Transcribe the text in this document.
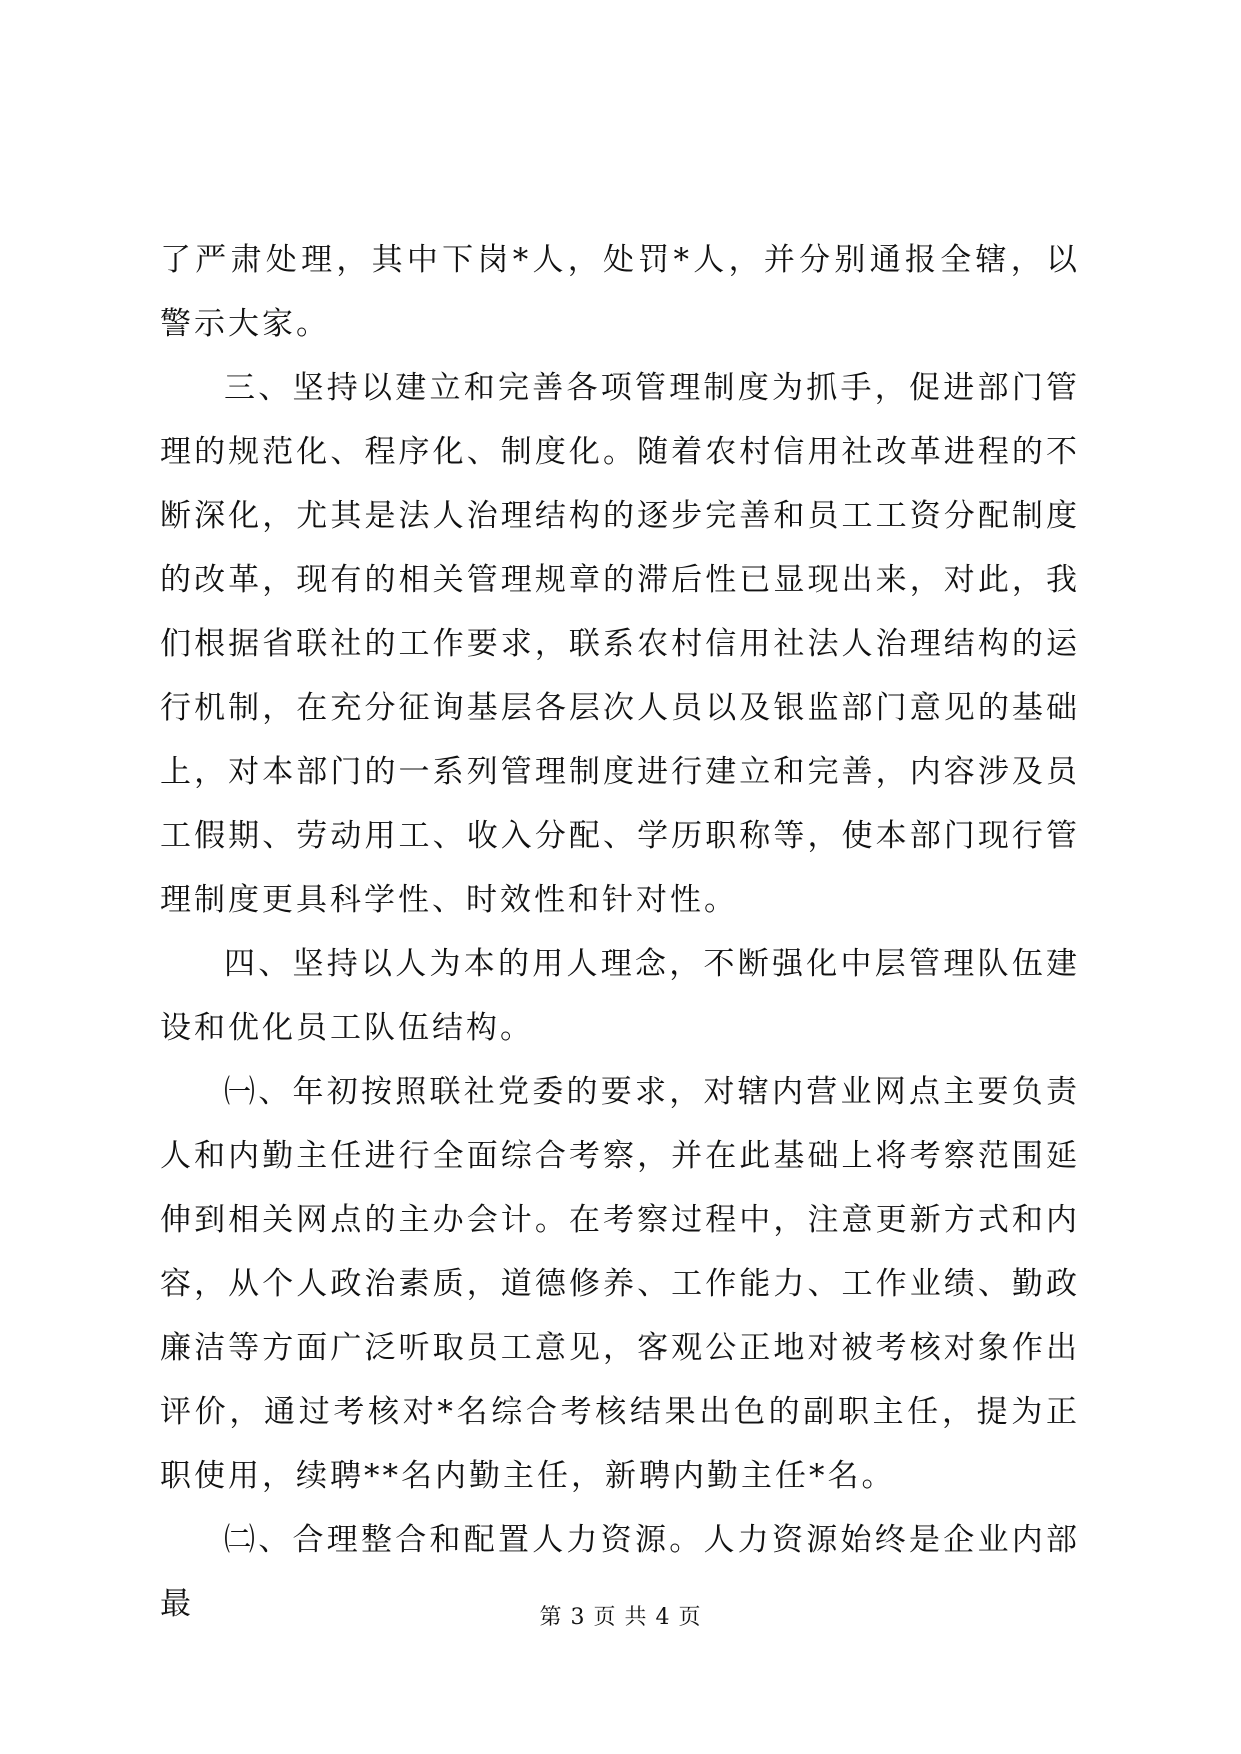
了严肃处理，其中下岗*人，处罚*人，并分别通报全辖，以警示大家。

三、坚持以建立和完善各项管理制度为抓手，促进部门管理的规范化、程序化、制度化。随着农村信用社改革进程的不断深化，尤其是法人治理结构的逐步完善和员工工资分配制度的改革，现有的相关管理规章的滞后性已显现出来，对此，我们根据省联社的工作要求，联系农村信用社法人治理结构的运行机制，在充分征询基层各层次人员以及银监部门意见的基础上，对本部门的一系列管理制度进行建立和完善，内容涉及员工假期、劳动用工、收入分配、学历职称等，使本部门现行管理制度更具科学性、时效性和针对性。

四、坚持以人为本的用人理念，不断强化中层管理队伍建设和优化员工队伍结构。

㈠、年初按照联社党委的要求，对辖内营业网点主要负责人和内勤主任进行全面综合考察，并在此基础上将考察范围延伸到相关网点的主办会计。在考察过程中，注意更新方式和内容，从个人政治素质，道德修养、工作能力、工作业绩、勤政廉洁等方面广泛听取员工意见，客观公正地对被考核对象作出评价，通过考核对*名综合考核结果出色的副职主任，提为正职使用，续聘**名内勤主任，新聘内勤主任*名。

㈡、合理整合和配置人力资源。人力资源始终是企业内部最	第 3 页 共 4 页
